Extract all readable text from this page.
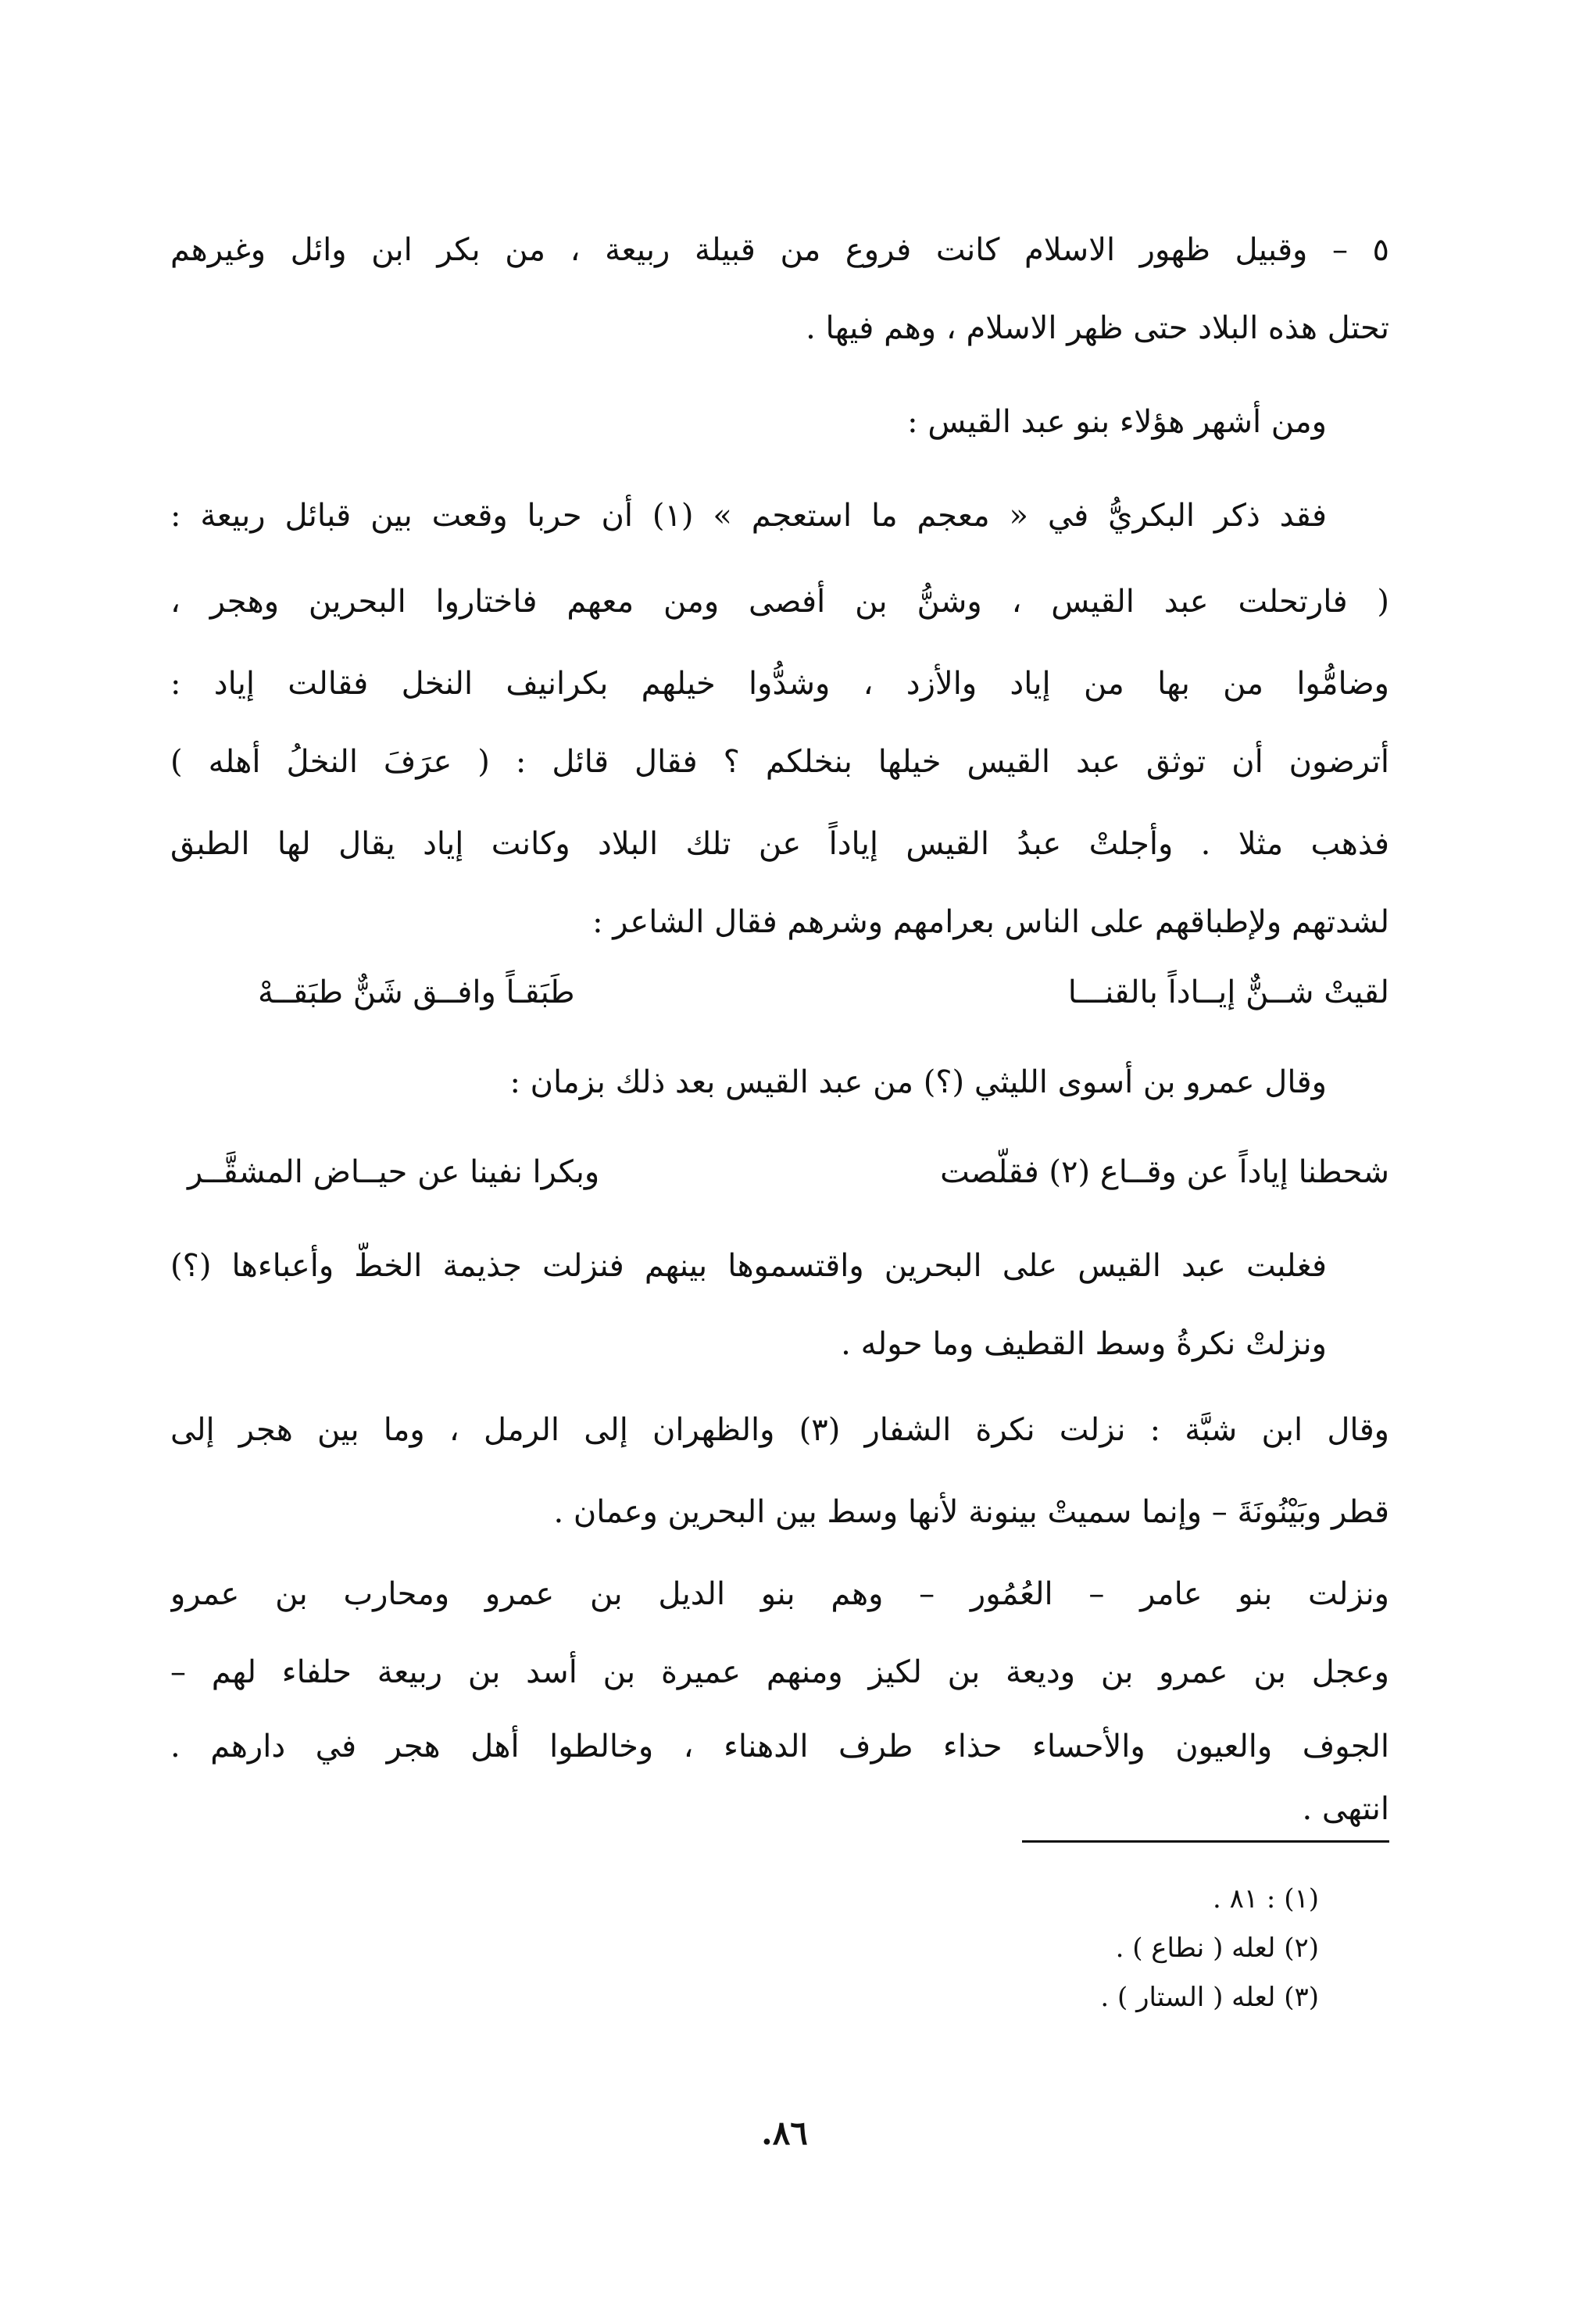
٥ – وقبيل ظهور الاسلام كانت فروع من قبيلة ربيعة ، من بكر ابن وائل وغيرهم

تحتل هذه البلاد حتى ظهر الاسلام ، وهم فيها .

ومن أشهر هؤلاء بنو عبد القيس :

فقد ذكر البكريُّ في « معجم ما استعجم » (١) أن حربا وقعت بين قبائل ربيعة :

( فارتحلت عبد القيس ، وشنُّ بن أفصى ومن معهم فاختاروا البحرين وهجر ،

وضامُّوا من بها من إياد والأزد ، وشدُّوا خيلهم بكرانيف النخل فقالت إياد :

أترضون أن توثق عبد القيس خيلها بنخلكم ؟ فقال قائل : ( عرَفَ النخلُ أهله )

فذهب مثلا . وأجلتْ عبدُ القيس إياداً عن تلك البلاد وكانت إياد يقال لها الطبق

لشدتهم ولإطباقهم على الناس بعرامهم وشرهم فقال الشاعر :

لقيتْ شــنٌّ إيــاداً بالقنـــا

طَبَقـاً وافــق شَنٌّ طبَقــهْ

وقال عمرو بن أسوى الليثي (؟) من عبد القيس بعد ذلك بزمان :

شحطنا إياداً عن وقــاع (٢) فقلّصت

وبكرا نفينا عن حيــاض المشقَّــر

فغلبت عبد القيس على البحرين واقتسموها بينهم فنزلت جذيمة الخطَّ وأعباءها (؟)

ونزلتْ نكرةُ وسط القطيف وما حوله .

وقال ابن شبَّة : نزلت نكرة الشفار (٣) والظهران إلى الرمل ، وما بين هجر إلى

قطر وبَيْنُونَةَ – وإنما سميتْ بينونة لأنها وسط بين البحرين وعمان .

ونزلت بنو عامر – العُمُور – وهم بنو الديل بن عمرو ومحارب بن عمرو

وعجل بن عمرو بن وديعة بن لكيز ومنهم عميرة بن أسد بن ربيعة حلفاء لهم –

الجوف والعيون والأحساء حذاء طرف الدهناء ، وخالطوا أهل هجر في دارهم .

انتهى .

(١) : ٨١ .

(٢) لعله ( نطاع ) .

(٣) لعله ( الستار ) .

٨٦.
